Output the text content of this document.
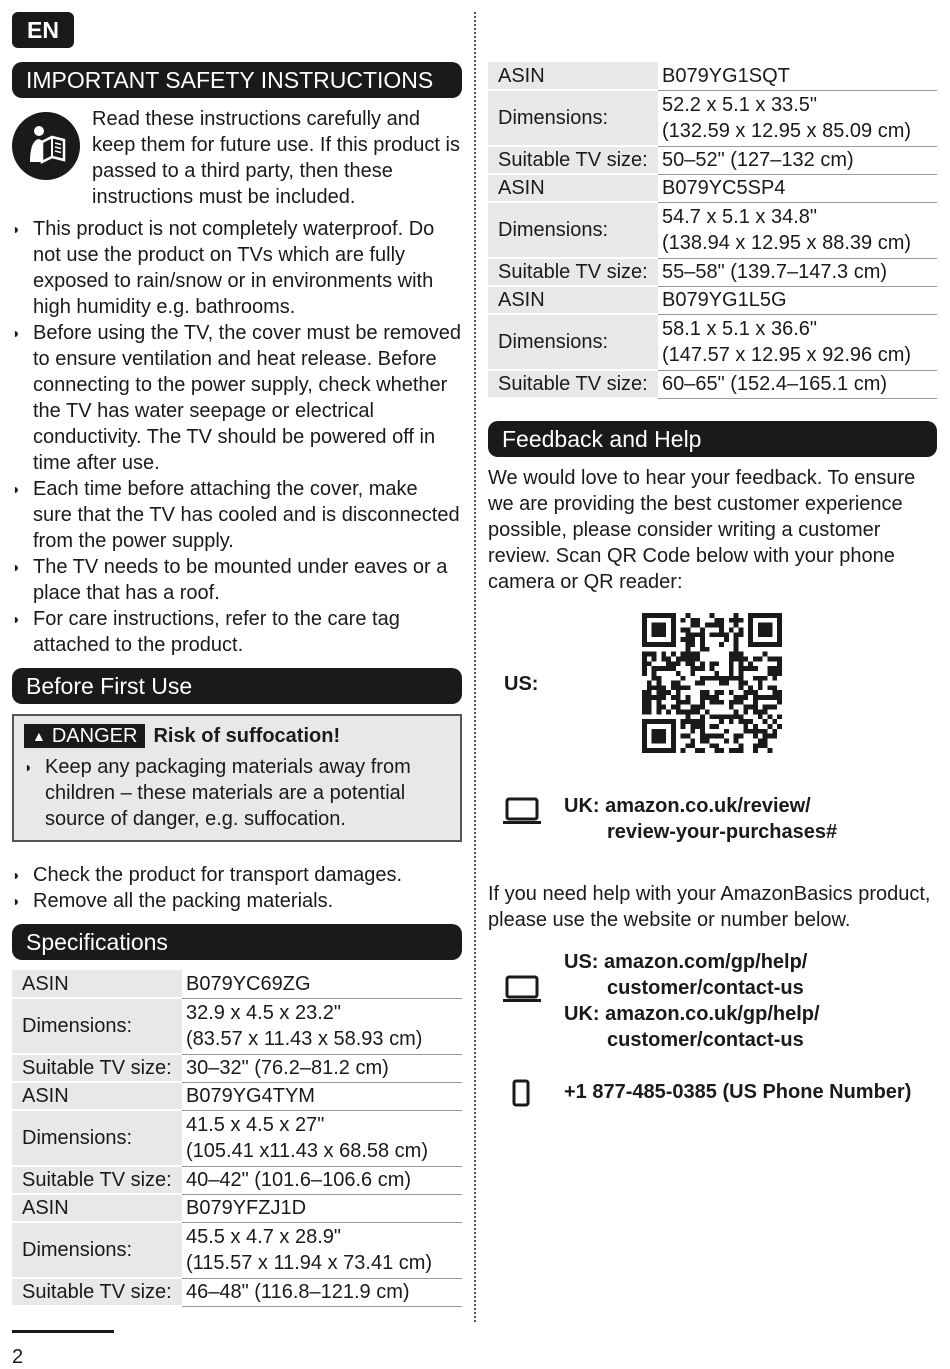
EN
IMPORTANT SAFETY INSTRUCTIONS

Read these instructions carefully and keep them for future use. If this product is passed to a third party, then these instructions must be included.

◗ This product is not completely waterproof. Do not use the product on TVs which are fully exposed to rain/snow or in environments with high humidity e.g. bathrooms.
◗ Before using the TV, the cover must be removed to ensure ventilation and heat release. Before connecting to the power supply, check whether the TV has water seepage or electrical conductivity. The TV should be powered off in time after use.
◗ Each time before attaching the cover, make sure that the TV has cooled and is disconnected from the power supply.
◗ The TV needs to be mounted under eaves or a place that has a roof.
◗ For care instructions, refer to the care tag attached to the product.
Before First Use
▲ DANGER Risk of suffocation!
◗ Keep any packaging materials away from children – these materials are a potential source of danger, e.g. suffocation.
◗ Check the product for transport damages.
◗ Remove all the packing materials.
Specifications
ASIN	B079YC69ZG
Dimensions:	32.9 x 4.5 x 23.2"
(83.57 x 11.43 x 58.93 cm)

Suitable TV size:	30–32" (76.2–81.2 cm)
ASIN	B079YG4TYM
Dimensions:	41.5 x 4.5 x 27"
(105.41 x11.43 x 68.58 cm)

Suitable TV size:	40–42" (101.6–106.6 cm)
ASIN	B079YFZJ1D
Dimensions:	45.5 x 4.7 x 28.9"
(115.57 x 11.94 x 73.41 cm)

Suitable TV size:	46–48" (116.8–121.9 cm)
ASIN	B079YG1SQT
Dimensions:	52.2 x 5.1 x 33.5"
(132.59 x 12.95 x 85.09 cm)

Suitable TV size:	50–52" (127–132 cm)
ASIN	B079YC5SP4
Dimensions:	54.7 x 5.1 x 34.8"
(138.94 x 12.95 x 88.39 cm)

Suitable TV size:	55–58" (139.7–147.3 cm)
ASIN	B079YG1L5G
Dimensions:	58.1 x 5.1 x 36.6"
(147.57 x 12.95 x 92.96 cm)

Suitable TV size:	60–65" (152.4–165.1 cm)
Feedback and Help

We would love to hear your feedback. To ensure we are providing the best customer experience possible, please consider writing a customer review. Scan QR Code below with your phone camera or QR reader:

US:
UK: amazon.co.uk/review/
review-your-purchases#

If you need help with your AmazonBasics product, please use the website or number below.

US: amazon.com/gp/help/
customer/contact-us
UK: amazon.co.uk/gp/help/
customer/contact-us
+1 877-485-0385 (US Phone Number)
2
